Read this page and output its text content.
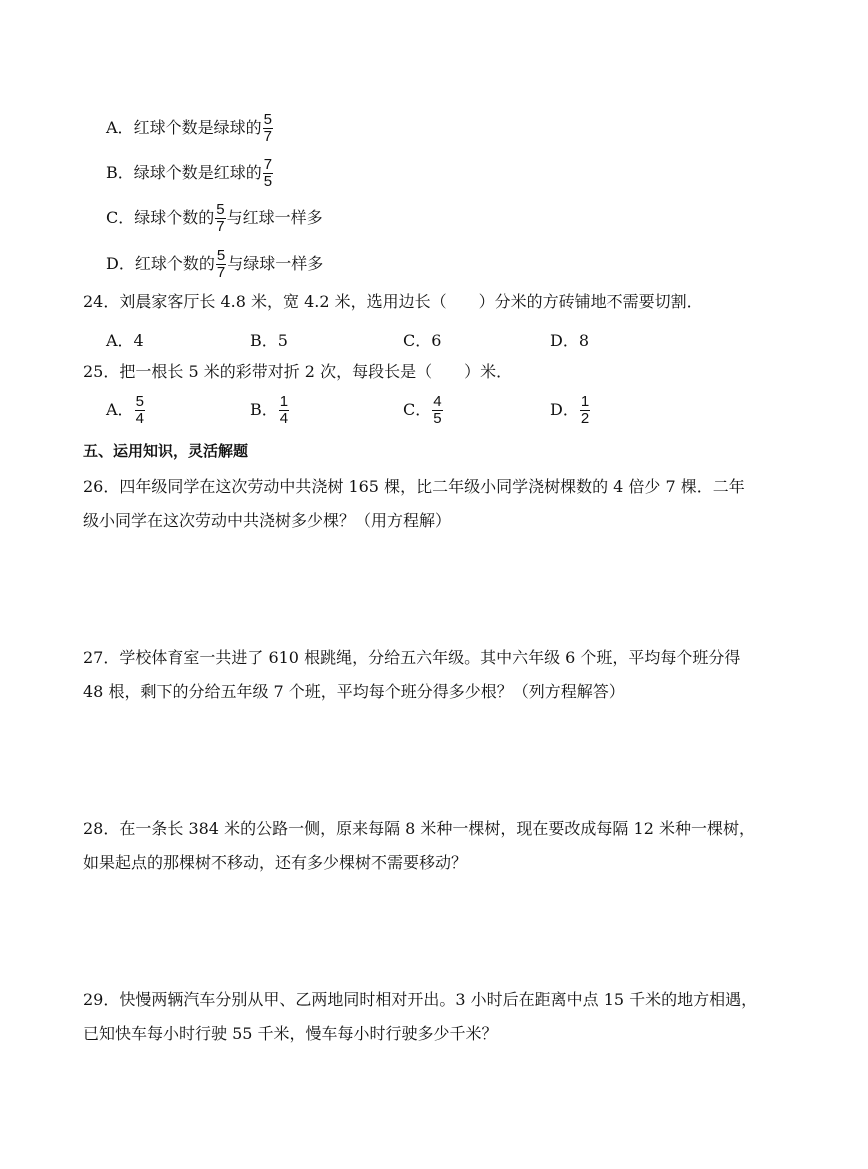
A．红球个数是绿球的 $\frac{5}{7}$
B．绿球个数是红球的 $\frac{7}{5}$
C．绿球个数的 $\frac{5}{7}$ 与红球一样多
D．红球个数的 $\frac{5}{7}$ 与绿球一样多
24．刘晨家客厅长 4.8 米，宽 4.2 米，选用边长（　　）分米的方砖铺地不需要切割．
A．4	B．5	C．6	D．8
25．把一根长 5 米的彩带对折 2 次，每段长是（　　）米．
A． $\frac{5}{4}$	B． $\frac{1}{4}$	C． $\frac{4}{5}$	D． $\frac{1}{2}$
五、运用知识，灵活解题
26．四年级同学在这次劳动中共浇树 165 棵，比二年级小同学浇树棵数的 4 倍少 7 棵．二年
级小同学在这次劳动中共浇树多少棵？（用方程解）
27．学校体育室一共进了 610 根跳绳，分给五六年级。其中六年级 6 个班，平均每个班分得
48 根，剩下的分给五年级 7 个班，平均每个班分得多少根？（列方程解答）
28．在一条长 384 米的公路一侧，原来每隔 8 米种一棵树，现在要改成每隔 12 米种一棵树，
如果起点的那棵树不移动，还有多少棵树不需要移动？
29．快慢两辆汽车分别从甲、乙两地同时相对开出。3 小时后在距离中点 15 千米的地方相遇，
已知快车每小时行驶 55 千米，慢车每小时行驶多少千米？
